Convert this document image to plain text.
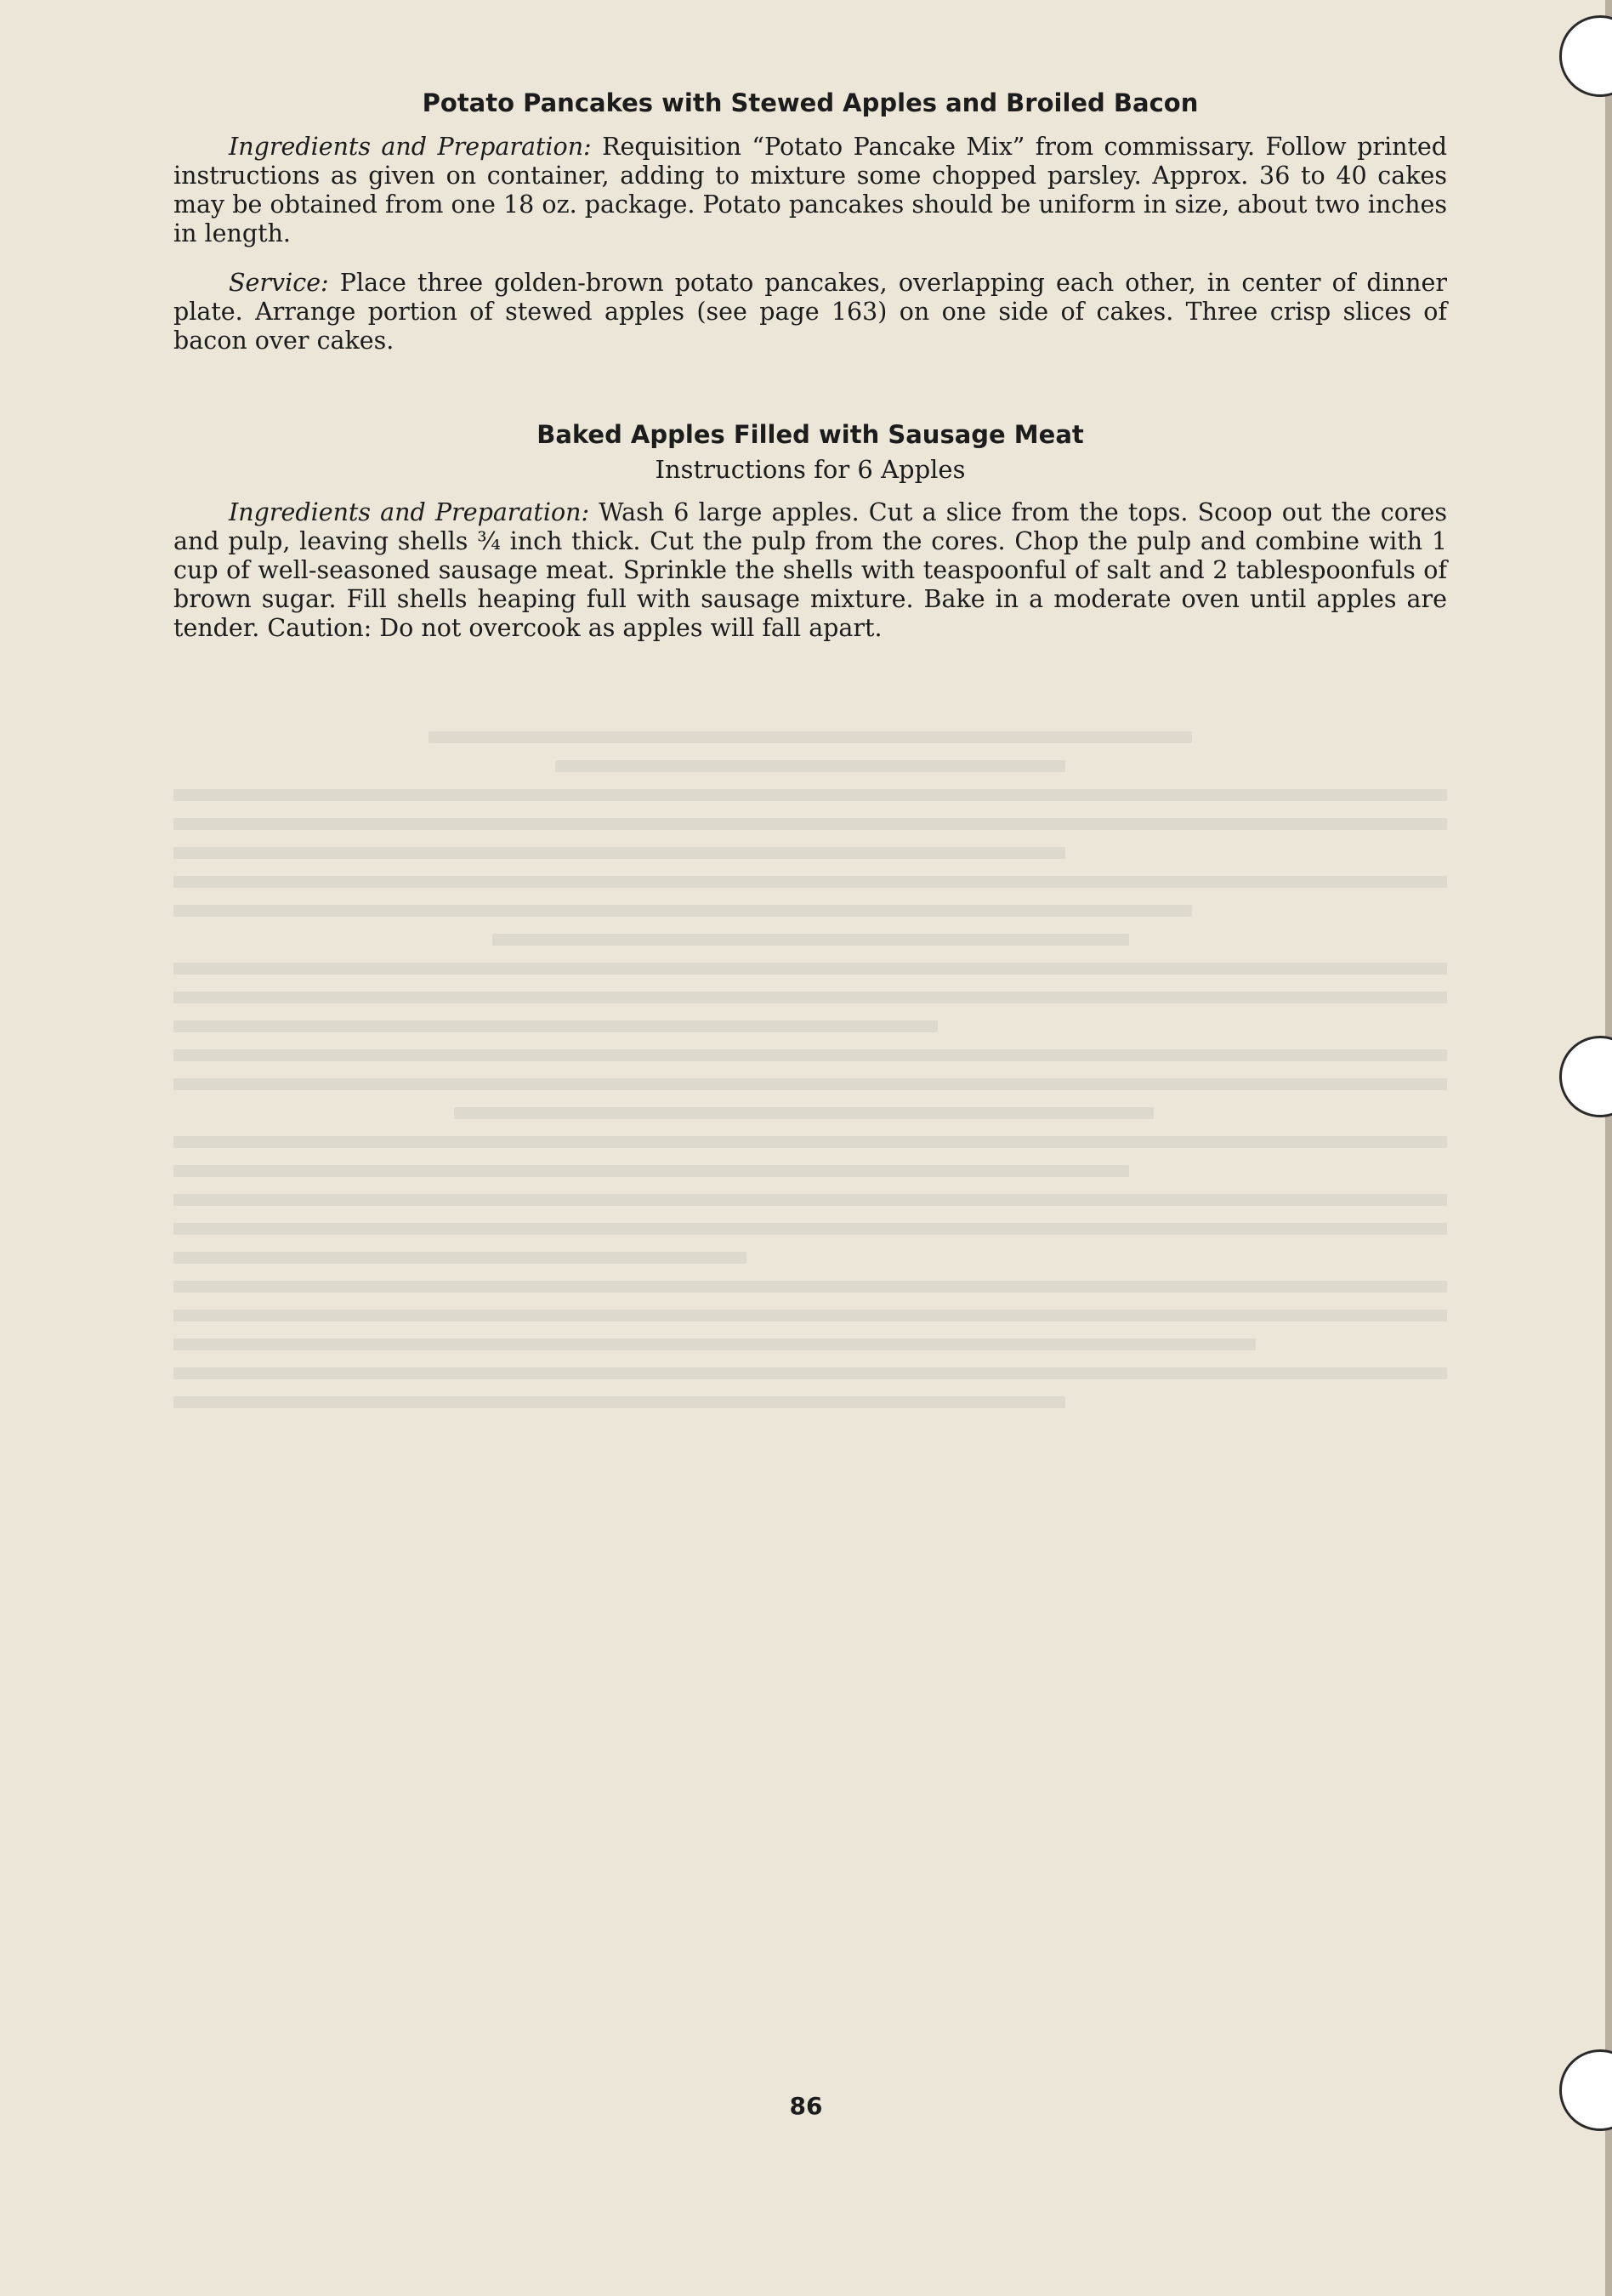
Potato Pancakes with Stewed Apples and Broiled Bacon

Ingredients and Preparation: Requisition “Potato Pancake Mix” from commissary. Follow printed instructions as given on container, adding to mixture some chopped parsley. Approx. 36 to 40 cakes may be obtained from one 18 oz. package. Potato pancakes should be uniform in size, about two inches in length.

Service: Place three golden-brown potato pancakes, overlapping each other, in center of dinner plate. Arrange portion of stewed apples (see page 163) on one side of cakes. Three crisp slices of bacon over cakes.

Baked Apples Filled with Sausage Meat

Instructions for 6 Apples

Ingredients and Preparation: Wash 6 large apples. Cut a slice from the tops. Scoop out the cores and pulp, leaving shells ¾ inch thick. Cut the pulp from the cores. Chop the pulp and combine with 1 cup of well-seasoned sausage meat. Sprinkle the shells with teaspoonful of salt and 2 tablespoonfuls of brown sugar. Fill shells heaping full with sausage mixture. Bake in a moderate oven until apples are tender. Caution: Do not overcook as apples will fall apart.

86
